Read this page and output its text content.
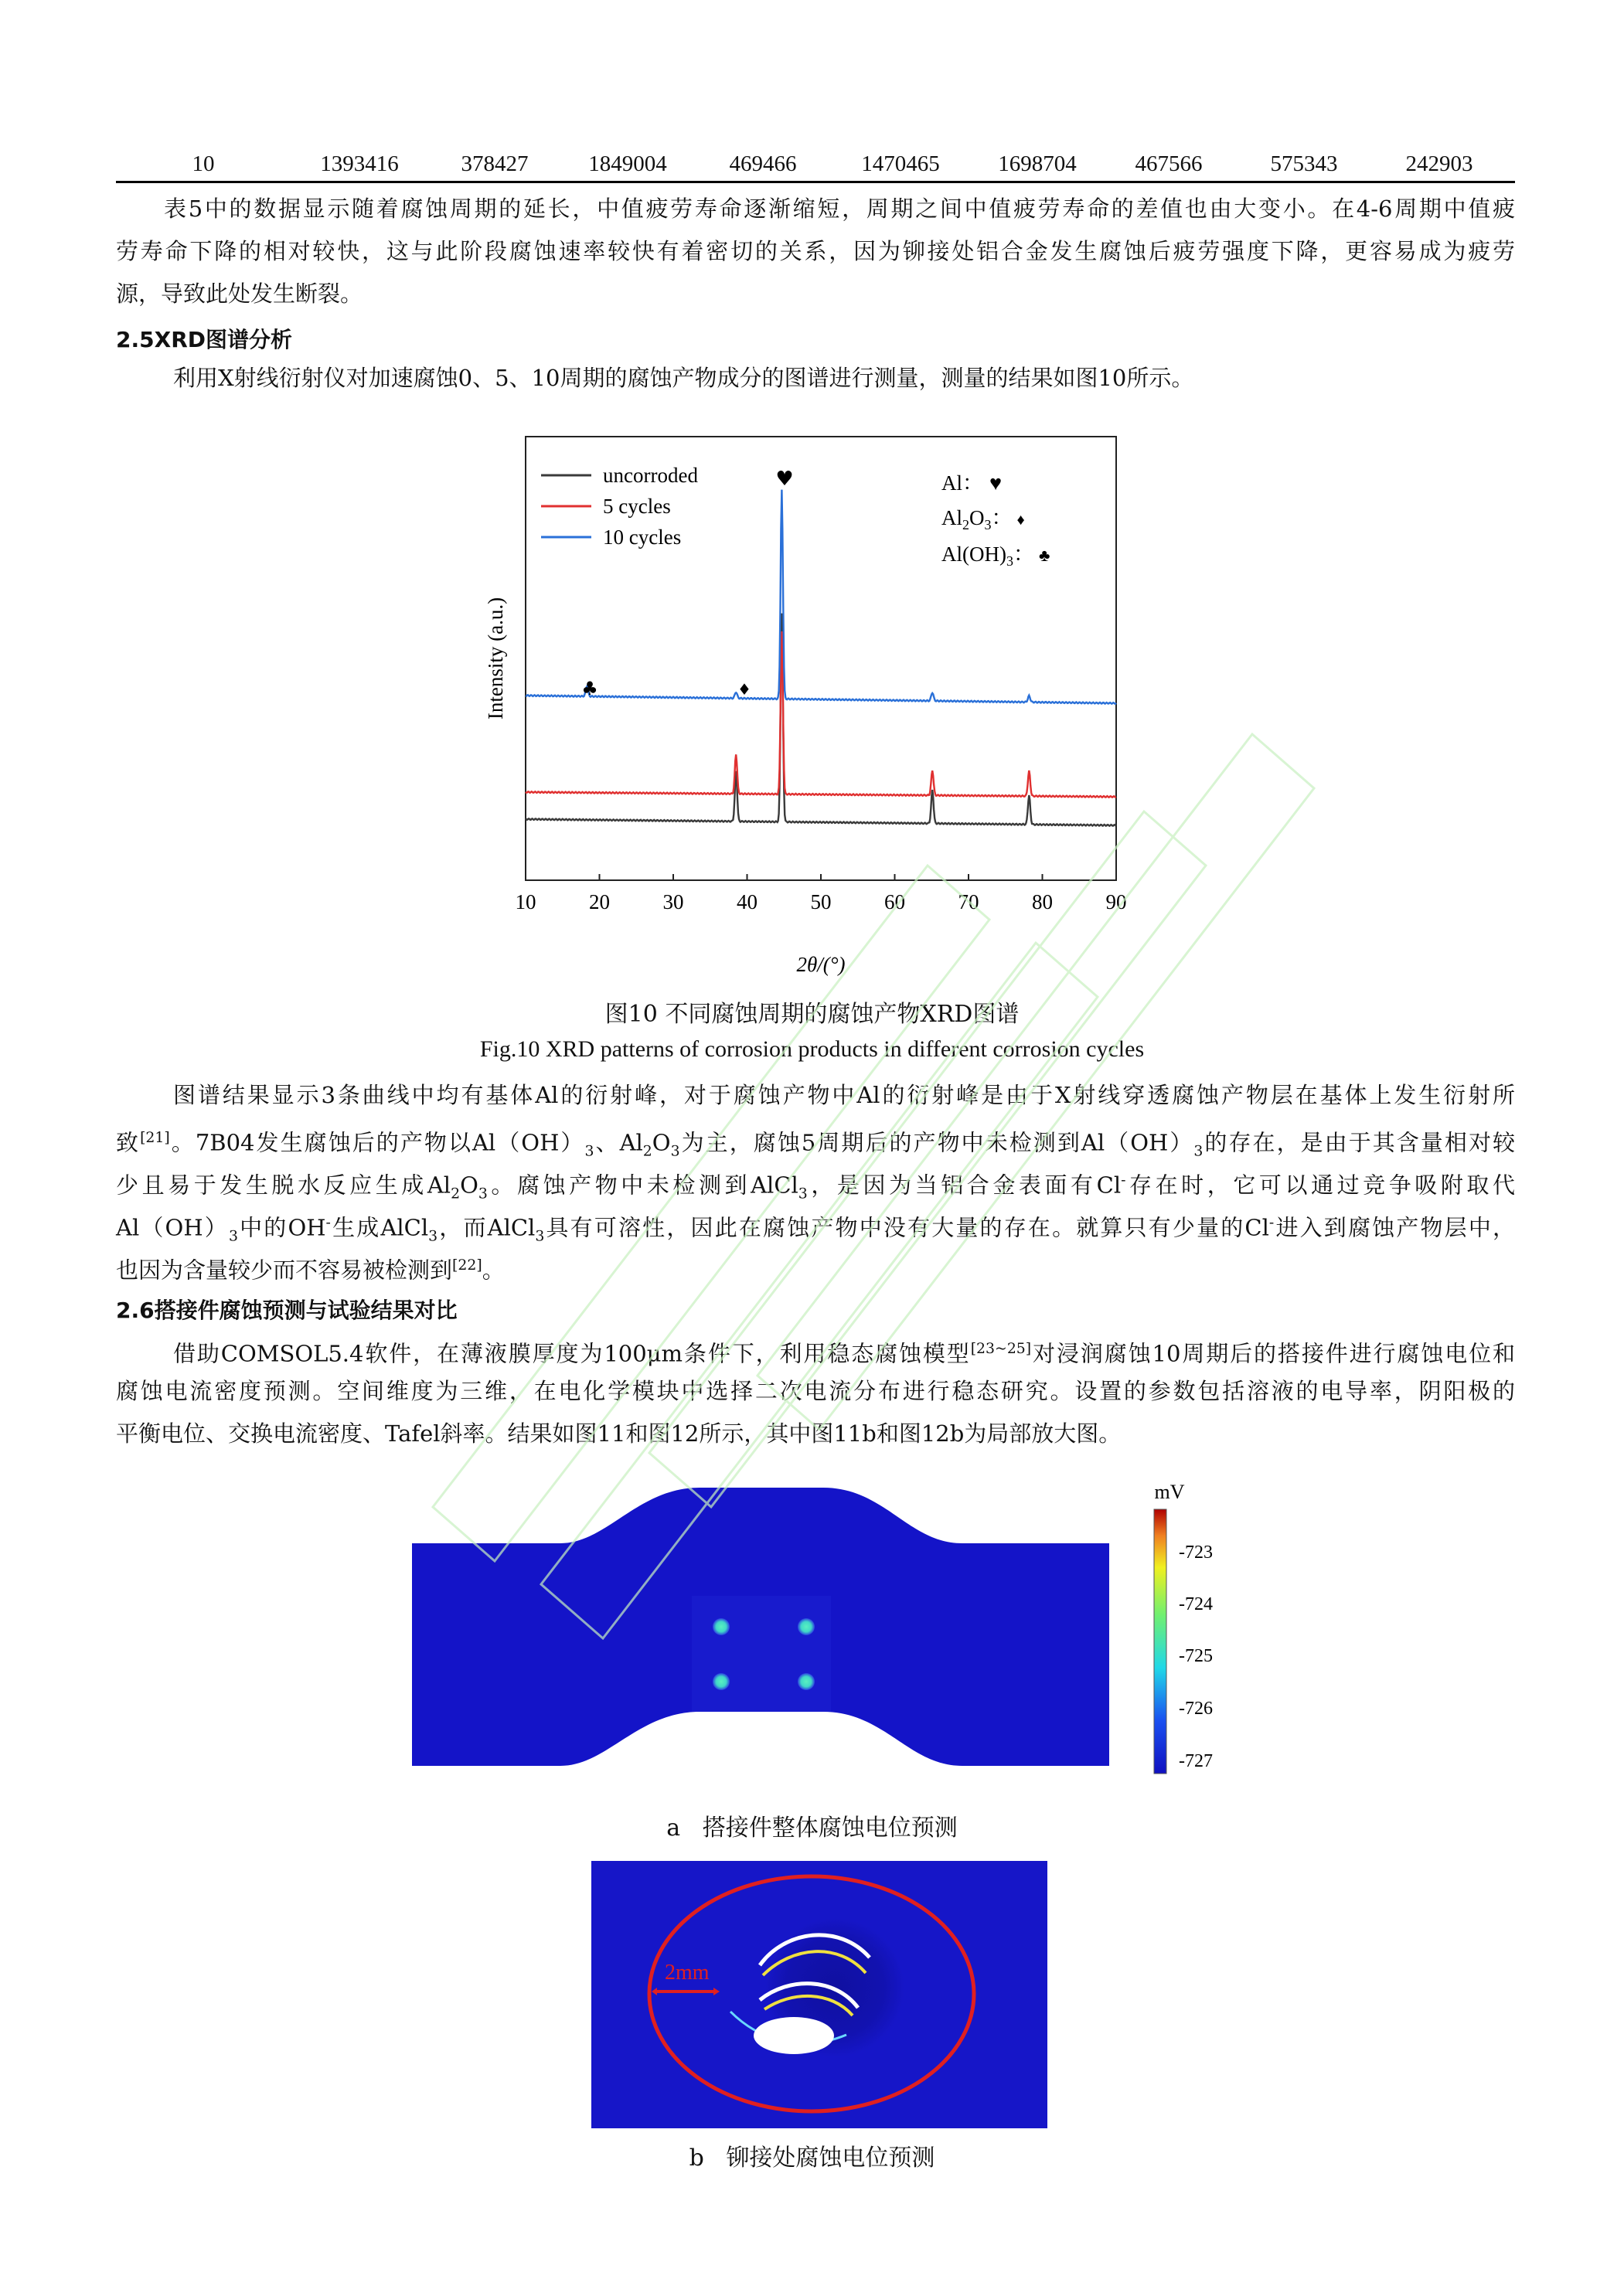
10	1393416	378427	1849004	469466	1470465	1698704	467566	575343	242903
表5中的数据显示随着腐蚀周期的延长，中值疲劳寿命逐渐缩短，周期之间中值疲劳寿命的差值也由大变小。在4-6周期中值疲
劳寿命下降的相对较快，这与此阶段腐蚀速率较快有着密切的关系，因为铆接处铝合金发生腐蚀后疲劳强度下降，更容易成为疲劳
源，导致此处发生断裂。
2.5XRD图谱分析
利用X射线衍射仪对加速腐蚀0、5、10周期的腐蚀产物成分的图谱进行测量，测量的结果如图10所示。
10	20	30	40	50	60	70	80	90
uncorroded
5 cycles
10 cycles
Al： ♥
$Al_2O_3$： ♦
$Al(OH)_3$： ♣
♥
♦
♣
Intensity (a.u.)
2θ/(°)
图10 不同腐蚀周期的腐蚀产物XRD图谱
Fig.10 XRD patterns of corrosion products in different corrosion cycles
图谱结果显示3条曲线中均有基体Al的衍射峰，对于腐蚀产物中Al的衍射峰是由于X射线穿透腐蚀产物层在基体上发生衍射所
致[21]。7B04发生腐蚀后的产物以$Al(OH)_3$、$Al_2O_3$为主，腐蚀5周期后的产物中未检测到$Al(OH)_3$的存在，是由于其含量相对较
少且易于发生脱水反应生成$Al_2O_3$。腐蚀产物中未检测到AlCl$_3$，是因为当铝合金表面有Cl-存在时，它可以通过竞争吸附取代
$Al(OH)_3$中的OH-生成AlCl$_3$，而AlCl$_3$具有可溶性，因此在腐蚀产物中没有大量的存在。就算只有少量的Cl-进入到腐蚀产物层中，
也因为含量较少而不容易被检测到[22]。
2.6搭接件腐蚀预测与试验结果对比
借助COMSOL5.4软件，在薄液膜厚度为100μm条件下，利用稳态腐蚀模型[23~25]对浸润腐蚀10周期后的搭接件进行腐蚀电位和
腐蚀电流密度预测。空间维度为三维，在电化学模块中选择二次电流分布进行稳态研究。设置的参数包括溶液的电导率，阴阳极的
平衡电位、交换电流密度、Tafel斜率。结果如图11和图12所示，其中图11b和图12b为局部放大图。
mV
-723
-724
-725
-726
-727
a 搭接件整体腐蚀电位预测
2mm
b 铆接处腐蚀电位预测
